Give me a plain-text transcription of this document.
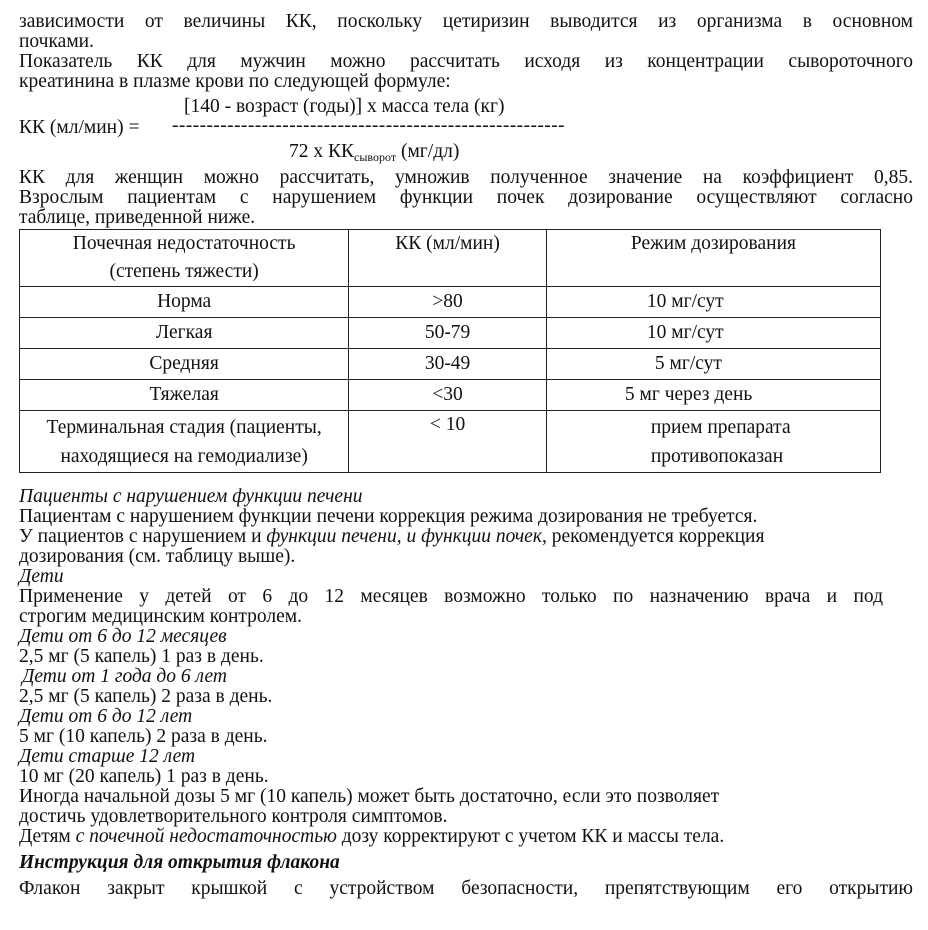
зависимости от величины КК, поскольку цетиризин выводится из организма в основном

почками.

Показатель КК для мужчин можно рассчитать исходя из концентрации сывороточного

креатинина в плазме крови по следующей формуле:

[140 - возраст (годы)] x масса тела (кг)
КК (мл/мин) = ---------------------------------------------------------
72 x $КК_{сыворот}$ (мг/дл)

КК для женщин можно рассчитать, умножив полученное значение на коэффициент 0,85.

Взрослым пациентам с нарушением функции почек дозирование осуществляют согласно

таблице, приведенной ниже.

Почечная недостаточность
(степень тяжести)	КК (мл/мин)	Режим дозирования
Норма	>80	10 мг/сут
Легкая	50-79	10 мг/сут
Средняя	30-49	5 мг/сут
Тяжелая	<30	5 мг через день
Терминальная стадия (пациенты,
находящиеся на гемодиализе)	< 10	прием препарата
противопоказан

Пациенты с нарушением функции печени

Пациентам с нарушением функции печени коррекция режима дозирования не требуется.

У пациентов с нарушением и функции печени, и функции почек, рекомендуется коррекция

дозирования (см. таблицу выше).

Дети

Применение у детей от 6 до 12 месяцев возможно только по назначению врача и под

строгим медицинским контролем.

Дети от 6 до 12 месяцев

2,5 мг (5 капель) 1 раз в день.

Дети от 1 года до 6 лет

2,5 мг (5 капель) 2 раза в день.

Дети от 6 до 12 лет

5 мг (10 капель) 2 раза в день.

Дети старше 12 лет

10 мг (20 капель) 1 раз в день.

Иногда начальной дозы 5 мг (10 капель) может быть достаточно, если это позволяет

достичь удовлетворительного контроля симптомов.

Детям с почечной недостаточностью дозу корректируют с учетом КК и массы тела.

Инструкция для открытия флакона

Флакон закрыт крышкой с устройством безопасности, препятствующим его открытию
